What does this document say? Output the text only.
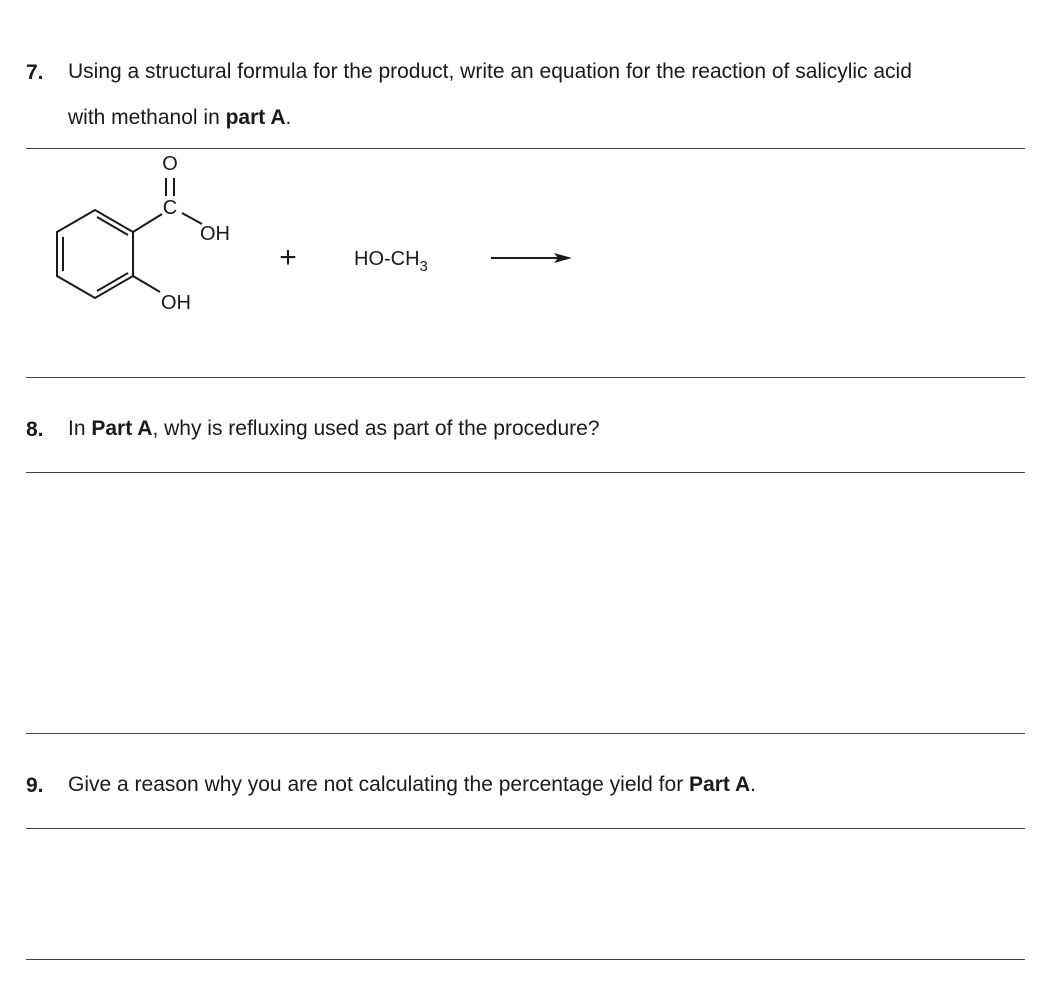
7. Using a structural formula for the product, write an equation for the reaction of salicylic acid
with methanol in part A.
O
C
OH
OH
+	$HO-CH_3$
8. In Part A, why is refluxing used as part of the procedure?
9. Give a reason why you are not calculating the percentage yield for Part A.
